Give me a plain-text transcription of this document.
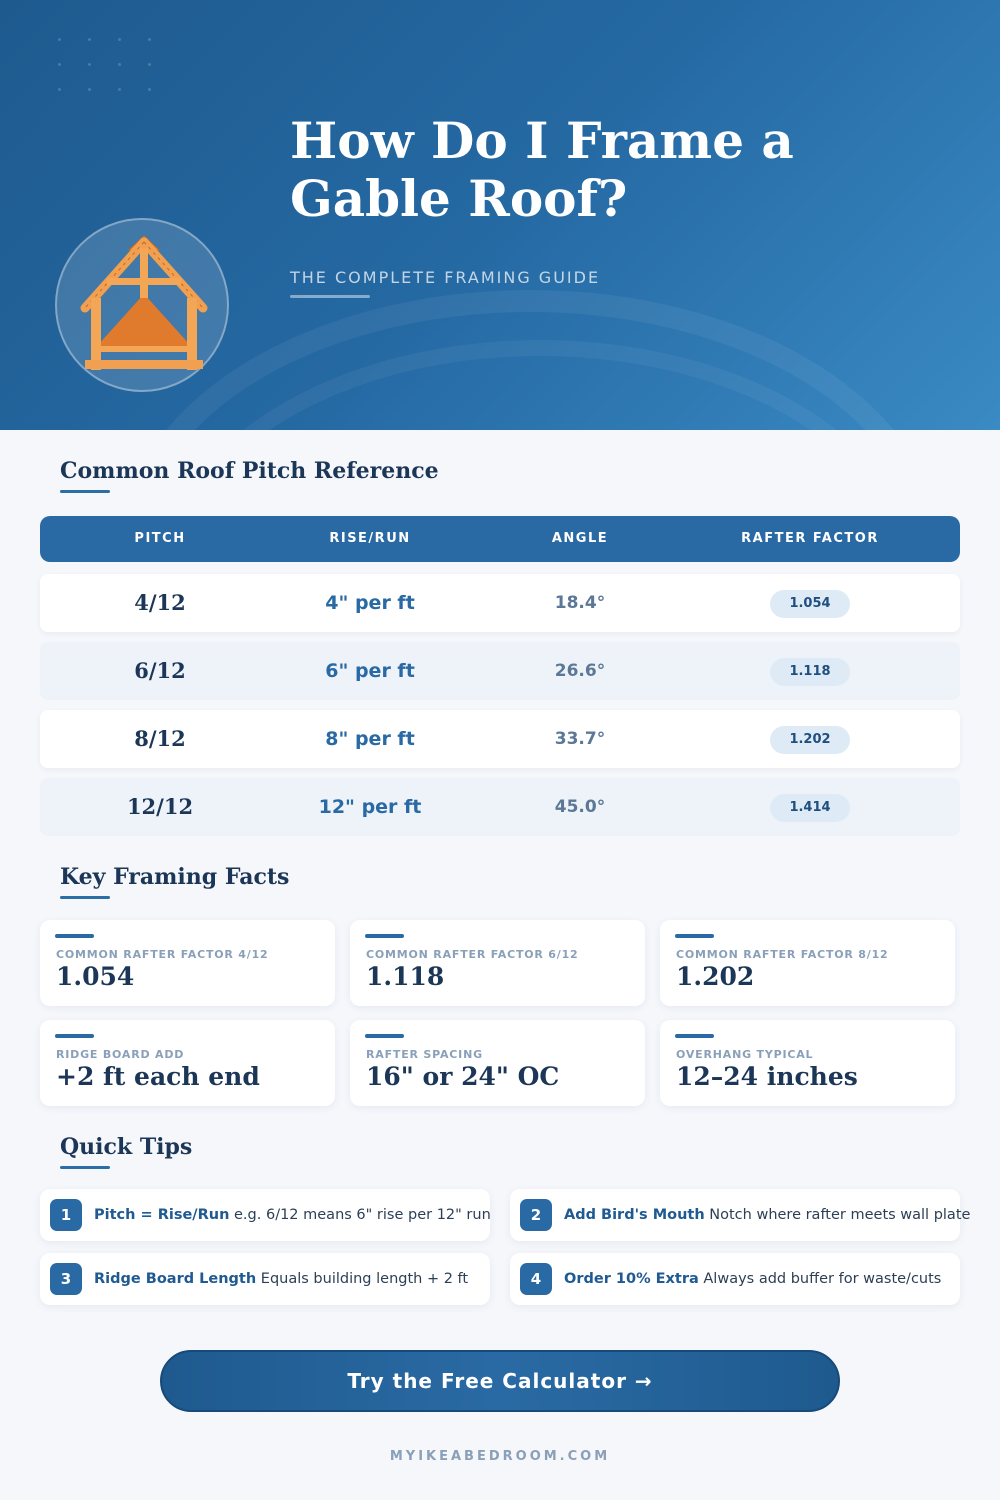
How Do I Frame a Gable Roof?
THE COMPLETE FRAMING GUIDE
Common Roof Pitch Reference
PITCH	RISE/RUN	ANGLE	RAFTER FACTOR
4/12	4" per ft	18.4°	1.054
6/12	6" per ft	26.6°	1.118
8/12	8" per ft	33.7°	1.202
12/12	12" per ft	45.0°	1.414
Key Framing Facts
COMMON RAFTER FACTOR 4/12
1.054
COMMON RAFTER FACTOR 6/12
1.118
COMMON RAFTER FACTOR 8/12
1.202
RIDGE BOARD ADD
+2 ft each end
RAFTER SPACING
16" or 24" OC
OVERHANG TYPICAL
12–24 inches
Quick Tips
1	Pitch = Rise/Run e.g. 6/12 means 6" rise per 12" run	2	Add Bird's Mouth Notch where rafter meets wall plate
3	Ridge Board Length Equals building length + 2 ft	4	Order 10% Extra Always add buffer for waste/cuts
Try the Free Calculator →
MYIKEABEDROOM.COM
